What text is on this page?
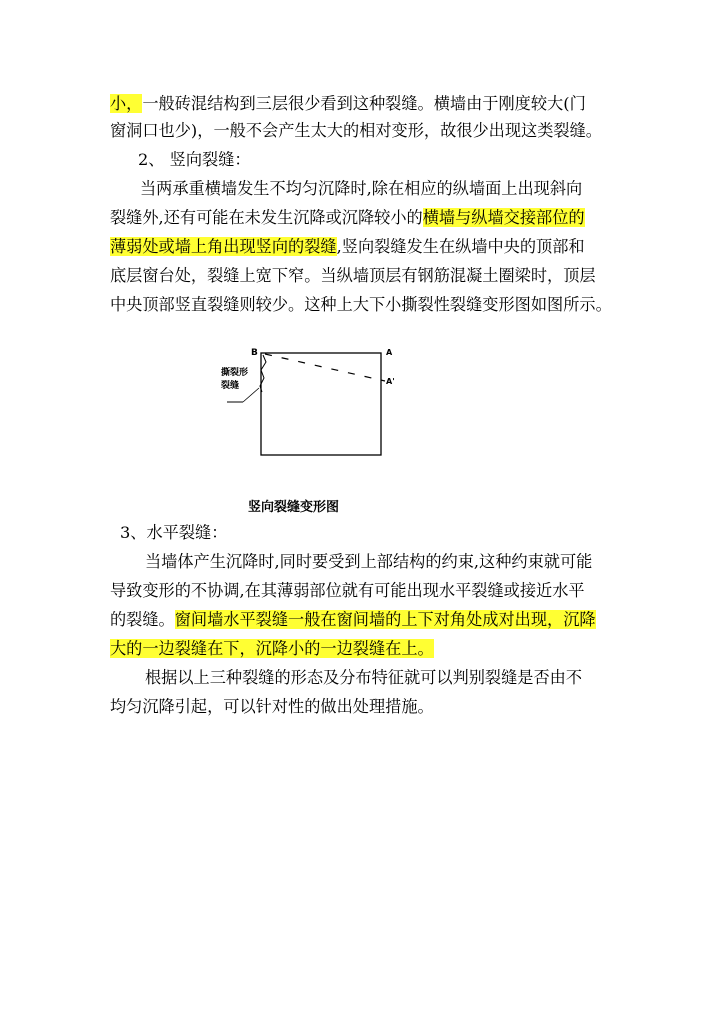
小，一般砖混结构到三层很少看到这种裂缝。横墙由于刚度较大(门
窗洞口也少)，一般不会产生太大的相对变形，故很少出现这类裂缝。
2、 竖向裂缝：
当两承重横墙发生不均匀沉降时,除在相应的纵墙面上出现斜向
裂缝外,还有可能在未发生沉降或沉降较小的横墙与纵墙交接部位的
薄弱处或墙上角出现竖向的裂缝,竖向裂缝发生在纵墙中央的顶部和
底层窗台处，裂缝上宽下窄。当纵墙顶层有钢筋混凝土圈梁时，顶层
中央顶部竖直裂缝则较少。这种上大下小撕裂性裂缝变形图如图所示。
B	A
A'
撕裂形
裂缝
竖向裂缝变形图
3、水平裂缝：
当墙体产生沉降时,同时要受到上部结构的约束,这种约束就可能
导致变形的不协调,在其薄弱部位就有可能出现水平裂缝或接近水平
的裂缝。窗间墙水平裂缝一般在窗间墙的上下对角处成对出现，沉降
大的一边裂缝在下，沉降小的一边裂缝在上。
根据以上三种裂缝的形态及分布特征就可以判别裂缝是否由不
均匀沉降引起，可以针对性的做出处理措施。
